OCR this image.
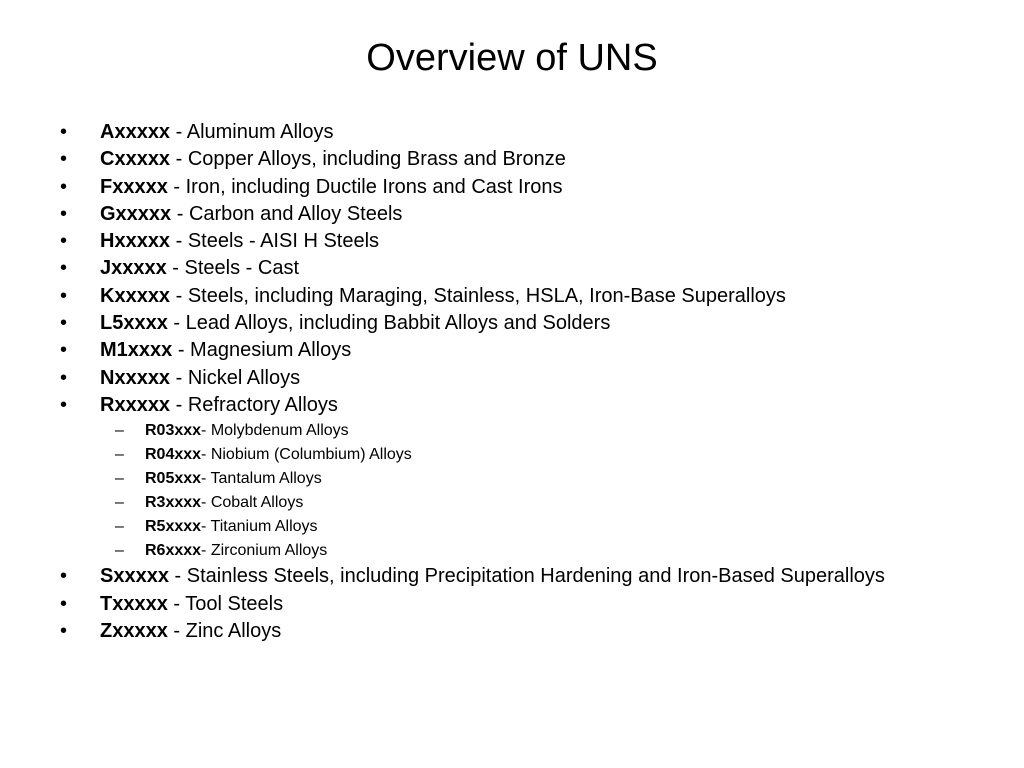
Overview of UNS
• Axxxxx - Aluminum Alloys
• Cxxxxx - Copper Alloys, including Brass and Bronze
• Fxxxxx - Iron, including Ductile Irons and Cast Irons
• Gxxxxx - Carbon and Alloy Steels
• Hxxxxx - Steels - AISI H Steels
• Jxxxxx - Steels - Cast
• Kxxxxx - Steels, including Maraging, Stainless, HSLA, Iron-Base Superalloys
• L5xxxx - Lead Alloys, including Babbit Alloys and Solders
• M1xxxx - Magnesium Alloys
• Nxxxxx - Nickel Alloys
• Rxxxxx - Refractory Alloys
– R03xxx- Molybdenum Alloys
– R04xxx- Niobium (Columbium) Alloys
– R05xxx- Tantalum Alloys
– R3xxxx- Cobalt Alloys
– R5xxxx- Titanium Alloys
– R6xxxx- Zirconium Alloys
• Sxxxxx - Stainless Steels, including Precipitation Hardening and Iron-Based Superalloys
• Txxxxx - Tool Steels
• Zxxxxx - Zinc Alloys
